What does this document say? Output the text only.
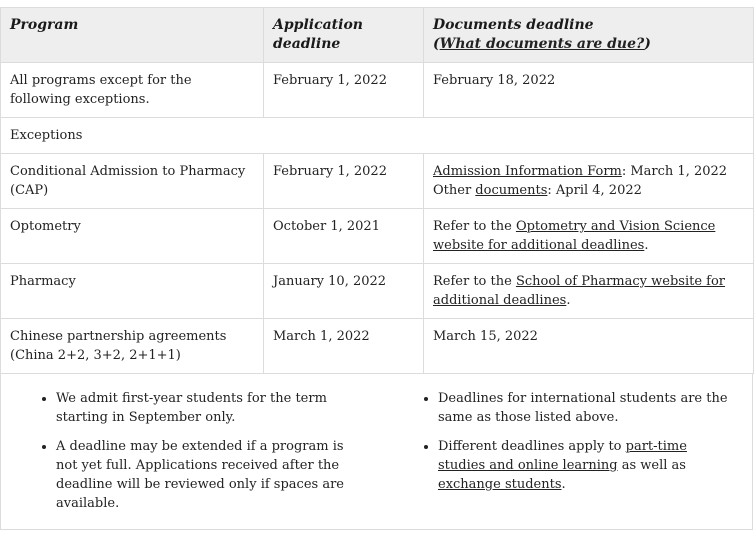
Program	Application deadline	Documents deadline
(What documents are due?)
All programs except for the following exceptions.	February 1, 2022	February 18, 2022
Exceptions		
Conditional Admission to Pharmacy (CAP)	February 1, 2022	Admission Information Form: March 1, 2022
Other documents: April 4, 2022
Optometry	October 1, 2021	Refer to the Optometry and Vision Science website for additional deadlines.
Pharmacy	January 10, 2022	Refer to the School of Pharmacy website for additional deadlines.
Chinese partnership agreements (China 2+2, 3+2, 2+1+1)	March 1, 2022	March 15, 2022
• We admit first-year students for the term starting in September only.
• A deadline may be extended if a program is not yet full. Applications received after the deadline will be reviewed only if spaces are available.
• Deadlines for international students are the same as those listed above.
• Different deadlines apply to part-time studies and online learning as well as exchange students.
